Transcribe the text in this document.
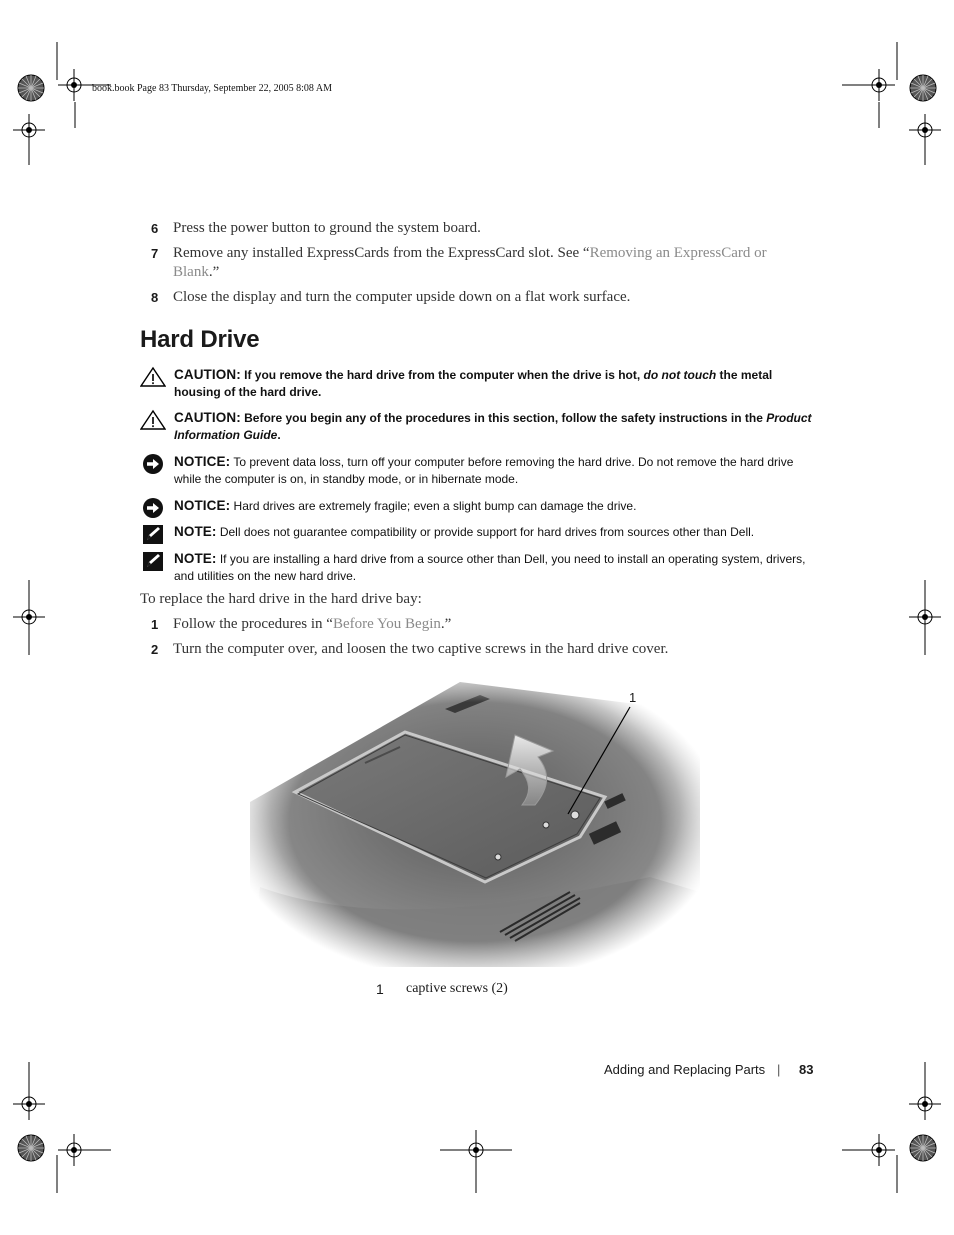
book.book Page 83 Thursday, September 22, 2005 8:08 AM
6 Press the power button to ground the system board.
7 Remove any installed ExpressCards from the ExpressCard slot. See “Removing an ExpressCard or Blank.”
8 Close the display and turn the computer upside down on a flat work surface.
Hard Drive
CAUTION: If you remove the hard drive from the computer when the drive is hot, do not touch the metal housing of the hard drive.
CAUTION: Before you begin any of the procedures in this section, follow the safety instructions in the Product Information Guide.
NOTICE: To prevent data loss, turn off your computer before removing the hard drive. Do not remove the hard drive while the computer is on, in standby mode, or in hibernate mode.
NOTICE: Hard drives are extremely fragile; even a slight bump can damage the drive.
NOTE: Dell does not guarantee compatibility or provide support for hard drives from sources other than Dell.
NOTE: If you are installing a hard drive from a source other than Dell, you need to install an operating system, drivers, and utilities on the new hard drive.
To replace the hard drive in the hard drive bay:
1 Follow the procedures in “Before You Begin.”
2 Turn the computer over, and loosen the two captive screws in the hard drive cover.
1
1 captive screws (2)
Adding and Replacing Parts | 83
